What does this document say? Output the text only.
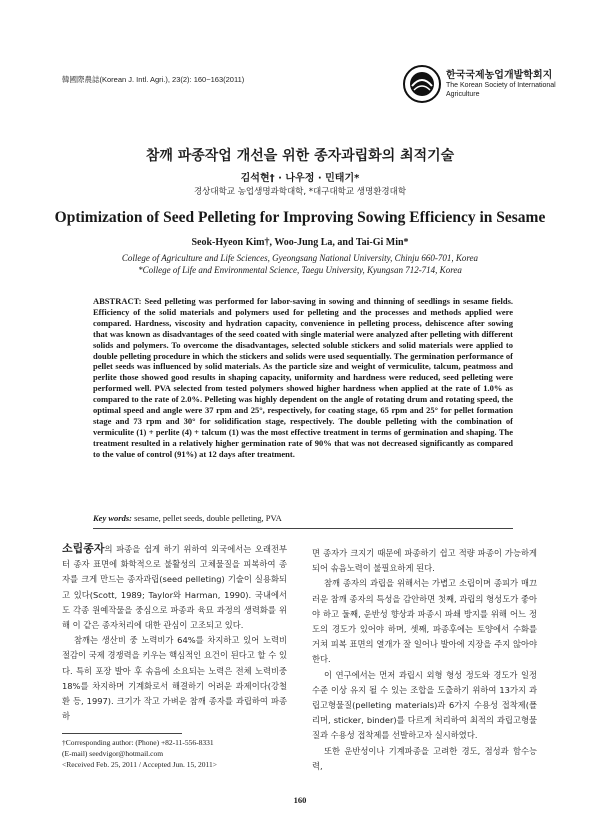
韓國際農誌(Korean J. Intl. Agri.), 23(2): 160~163(2011)	한국국제농업개발학회지
The Korean Society of International Agriculture
참깨 파종작업 개선을 위한 종자과립화의 최적기술
김석현† · 나우정 · 민태기*
경상대학교 농업생명과학대학, *대구대학교 생명환경대학
Optimization of Seed Pelleting for Improving Sowing Efficiency in Sesame
Seok-Hyeon Kim†, Woo-Jung La, and Tai-Gi Min*
College of Agriculture and Life Sciences, Gyeongsang National University, Chinju 660-701, Korea
*College of Life and Environmental Science, Taegu University, Kyungsan 712-714, Korea

ABSTRACT: Seed pelleting was performed for labor-saving in sowing and thinning of seedlings in sesame fields. Efficiency of the solid materials and polymers used for pelleting and the processes and methods applied were compared. Hardness, viscosity and hydration capacity, convenience in pelleting process, dehiscence after sowing that was known as disadvantages of the seed coated with single material were analyzed after pelleting with different solids and polymers. To overcome the disadvantages, selected soluble stickers and solid materials were applied to double pelleting procedure in which the stickers and solids were used sequentially. The germination performance of pellet seeds was influenced by solid materials. As the particle size and weight of vermiculite, talcum, peatmoss and perlite those showed good results in shaping capacity, uniformity and hardness were reduced, seed pelleting were performed well. PVA selected from tested polymers showed higher hardness when applied at the rate of 1.0% as compared to the rate of 2.0%. Pelleting was highly dependent on the angle of rotating drum and rotating speed, the optimal speed and angle were 37 rpm and 25°, respectively, for coating stage, 65 rpm and 25° for pellet formation stage and 73 rpm and 30° for solidification stage, respectively. The double pelleting with the combination of vermiculite (1) + perlite (4) + talcum (1) was the most effective treatment in terms of germination and shaping. The treatment resulted in a relatively higher germination rate of 90% that was not decreased significantly as compared to the value of control (91%) at 12 days after treatment.

Key words: sesame, pellet seeds, double pelleting, PVA

소립종자의 파종을 쉽게 하기 위하여 외국에서는 오래전부터 종자 표면에 화학적으로 불활성의 고체물질을 피복하여 종자를 크게 만드는 종자과립(seed pelleting) 기술이 실용화되고 있다(Scott, 1989; Taylor와 Harman, 1990). 국내에서도 각종 원예작물을 중심으로 파종과 육묘 과정의 생력화를 위해 이 같은 종자처리에 대한 관심이 고조되고 있다.

참깨는 생산비 중 노력비가 64%를 차지하고 있어 노력비 절감이 국제 경쟁력을 키우는 핵심적인 요건이 된다고 할 수 있다. 특히 포장 발아 후 솎음에 소요되는 노력은 전체 노력비중 18%를 차지하며 기계화로서 해결하기 어려운 과제이다(강철환 등, 1997). 크기가 작고 가벼운 참깨 종자를 과립하여 파종하

면 종자가 크지기 때문에 파종하기 쉽고 적량 파종이 가능하게 되어 솎음노력이 불필요하게 된다.

참깨 종자의 과립을 위해서는 가볍고 소립이며 종피가 매끄러운 참깨 종자의 특성을 감안하면 첫째, 과립의 형성도가 좋아야 하고 둘째, 운반성 향상과 파종시 파쇄 방지를 위해 어느 정도의 경도가 있어야 하며, 셋째, 파종후에는 토양에서 수화를 거쳐 피복 표면의 열개가 잘 일어나 발아에 지장을 주지 않아야 한다.

이 연구에서는 먼저 과립시 외형 형성 정도와 경도가 일정 수준 이상 유지 될 수 있는 조합을 도출하기 위하여 13가지 과립고형물질(pelleting materials)과 6가지 수용성 접착제(폴리머, sticker, binder)를 다르게 처리하여 최적의 과립고형물질과 수용성 접착제를 선발하고자 실시하였다.

또한 운반성이나 기계파종을 고려한 경도, 점성과 함수능력,

†Corresponding author: (Phone) +82-11-556-8331
(E-mail) seedvigor@hotmail.com
<Received Feb. 25, 2011 / Accepted Jun. 15, 2011>
160
